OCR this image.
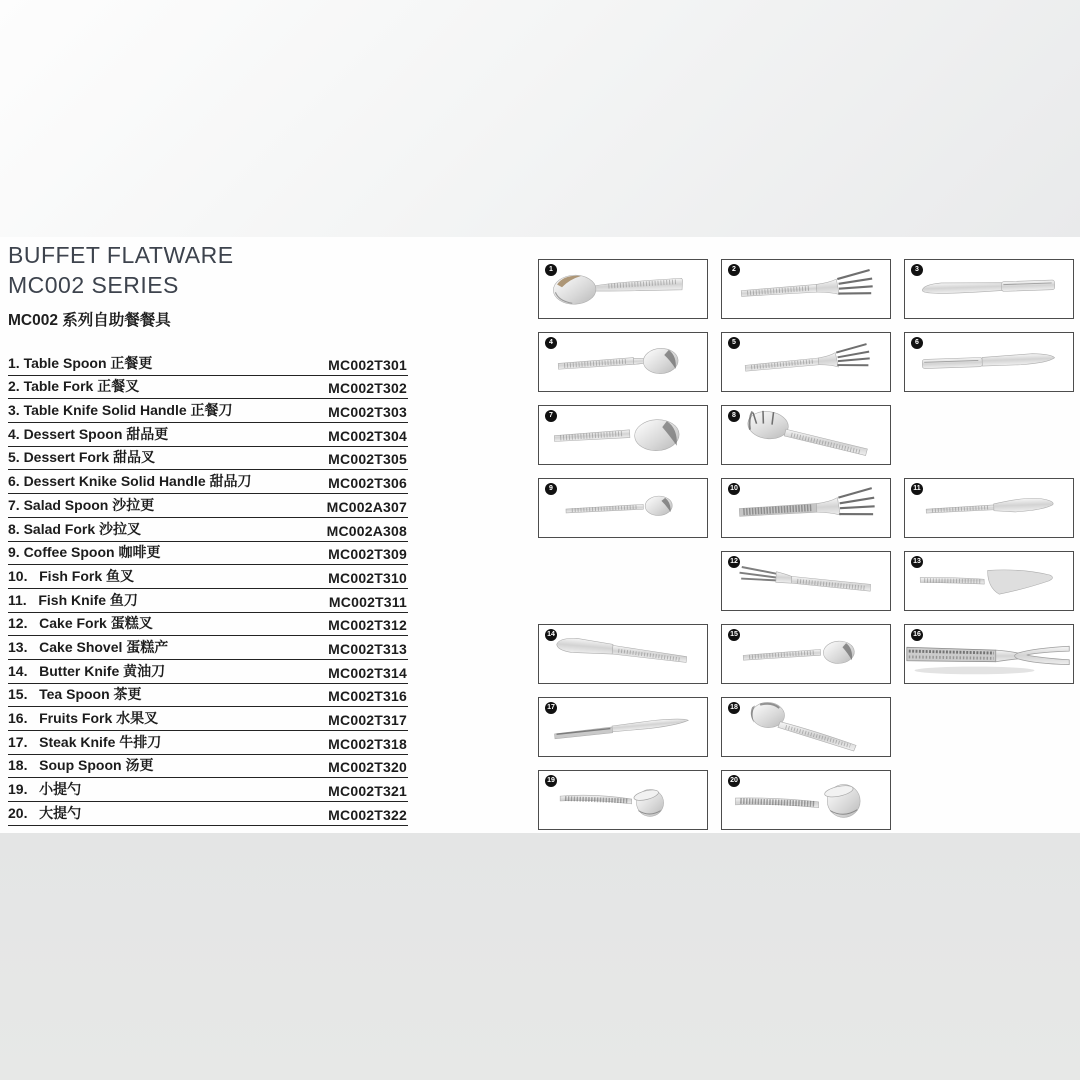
BUFFET FLATWARE
MC002 SERIES
MC002 系列自助餐餐具
1. Table Spoon 正餐更	MC002T301
2. Table Fork 正餐叉	MC002T302
3. Table Knife Solid Handle 正餐刀	MC002T303
4. Dessert Spoon 甜品更	MC002T304
5. Dessert Fork 甜品叉	MC002T305
6. Dessert Knike Solid Handle 甜品刀	MC002T306
7. Salad Spoon 沙拉更	MC002A307
8. Salad Fork 沙拉叉	MC002A308
9. Coffee Spoon 咖啡更	MC002T309
10.   Fish Fork 鱼叉	MC002T310
11.   Fish Knife 鱼刀	MC002T311
12.   Cake Fork 蛋糕叉	MC002T312
13.   Cake Shovel 蛋糕产	MC002T313
14.   Butter Knife 黄油刀	MC002T314
15.   Tea Spoon 茶更	MC002T316
16.   Fruits Fork 水果叉	MC002T317
17.   Steak Knife 牛排刀	MC002T318
18.   Soup Spoon 汤更	MC002T320
19.   小提勺	MC002T321
20.   大提勺	MC002T322
1	2	3
4	5	6
7	8
9	10	11
12	13
14	15	16
17	18
19	20
